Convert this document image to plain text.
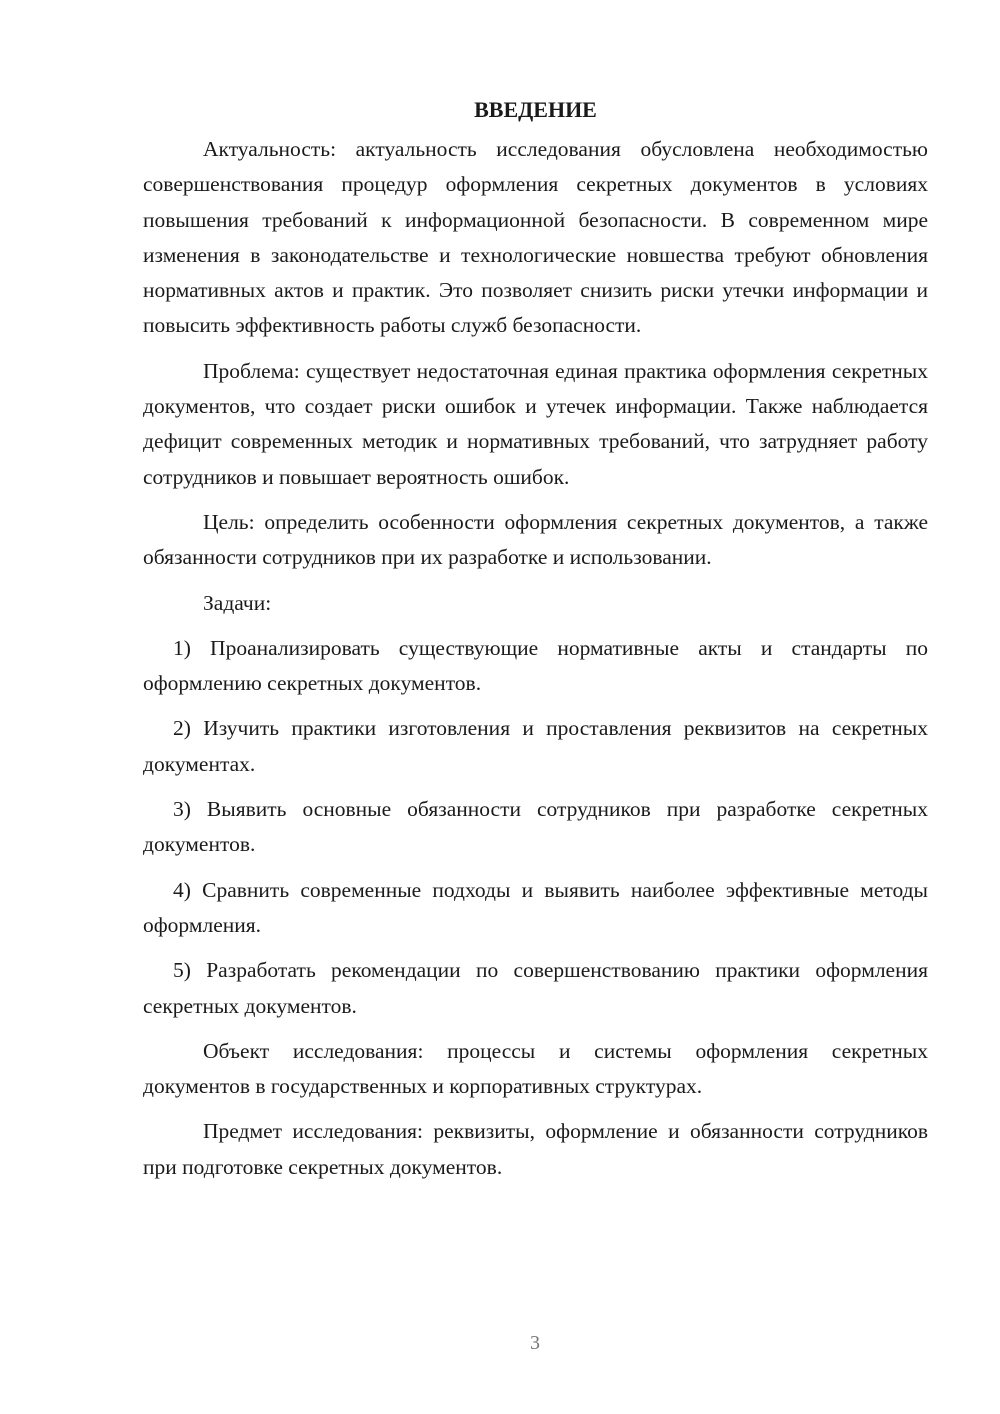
ВВЕДЕНИЕ

Актуальность: актуальность исследования обусловлена необходимостью совершенствования процедур оформления секретных документов в условиях повышения требований к информационной безопасности. В современном мире изменения в законодательстве и технологические новшества требуют обновления нормативных актов и практик. Это позволяет снизить риски утечки информации и повысить эффективность работы служб безопасности.

Проблема: существует недостаточная единая практика оформления секретных документов, что создает риски ошибок и утечек информации. Также наблюдается дефицит современных методик и нормативных требований, что затрудняет работу сотрудников и повышает вероятность ошибок.

Цель: определить особенности оформления секретных документов, а также обязанности сотрудников при их разработке и использовании.

Задачи:

1) Проанализировать существующие нормативные акты и стандарты по оформлению секретных документов.

2) Изучить практики изготовления и проставления реквизитов на секретных документах.

3) Выявить основные обязанности сотрудников при разработке секретных документов.

4) Сравнить современные подходы и выявить наиболее эффективные методы оформления.

5) Разработать рекомендации по совершенствованию практики оформления секретных документов.

Объект исследования: процессы и системы оформления секретных документов в государственных и корпоративных структурах.

Предмет исследования: реквизиты, оформление и обязанности сотрудников при подготовке секретных документов.

3
